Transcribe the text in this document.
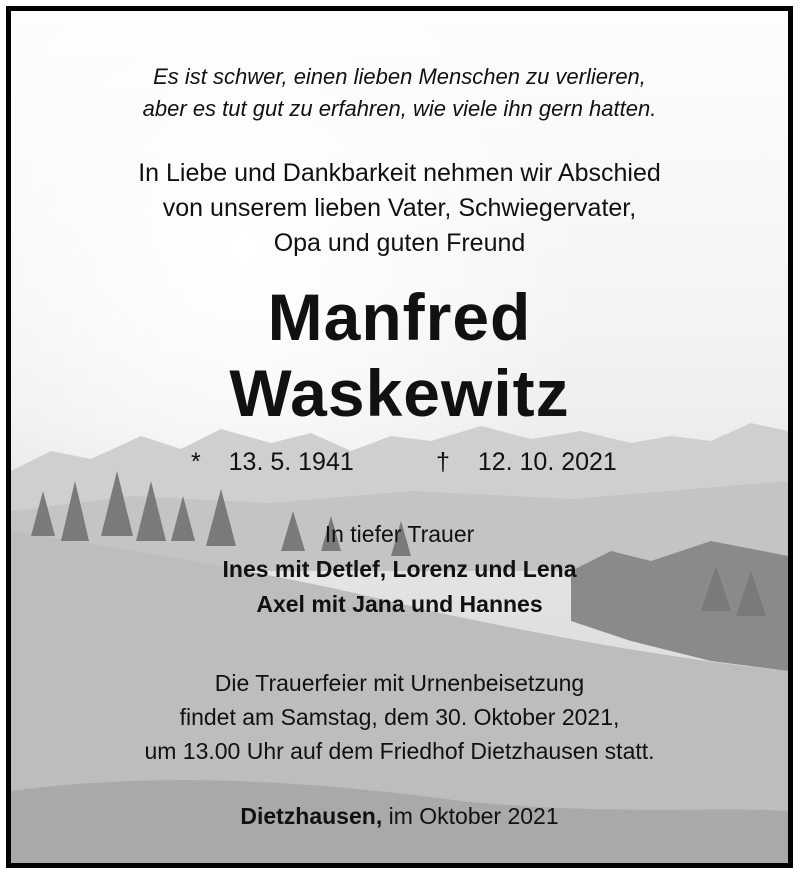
Es ist schwer, einen lieben Menschen zu verlieren,
aber es tut gut zu erfahren, wie viele ihn gern hatten.
In Liebe und Dankbarkeit nehmen wir Abschied
von unserem lieben Vater, Schwiegervater,
Opa und guten Freund
Manfred
Waskewitz
* 13. 5. 1941	† 12. 10. 2021
In tiefer Trauer
Ines mit Detlef, Lorenz und Lena
Axel mit Jana und Hannes
Die Trauerfeier mit Urnenbeisetzung
findet am Samstag, dem 30. Oktober 2021,
um 13.00 Uhr auf dem Friedhof Dietzhausen statt.
Dietzhausen, im Oktober 2021
